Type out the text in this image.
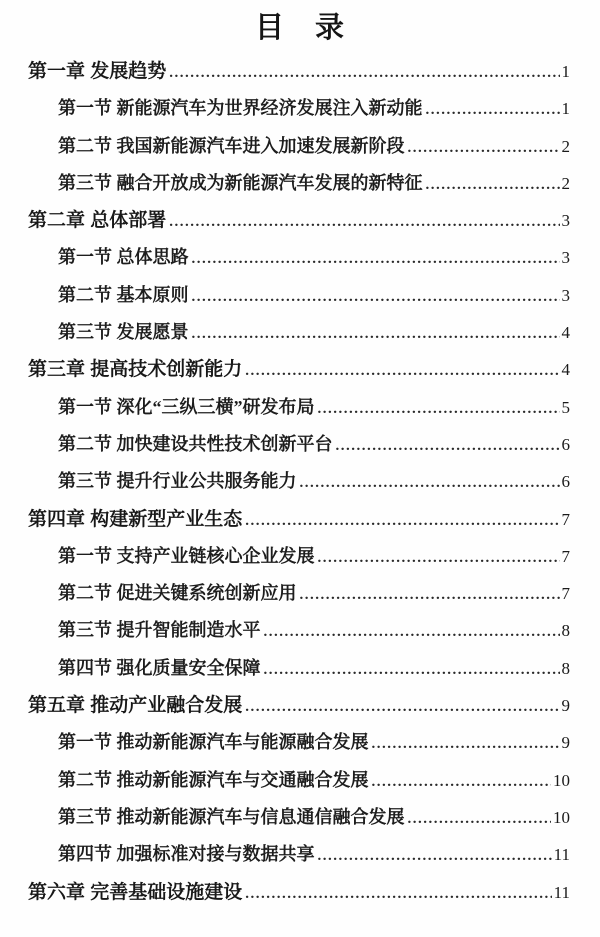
目　录
第一章 发展趋势 .....	1
第一节 新能源汽车为世界经济发展注入新动能 .....	1
第二节 我国新能源汽车进入加速发展新阶段 .....	2
第三节 融合开放成为新能源汽车发展的新特征 .....	2
第二章 总体部署 .....	3
第一节 总体思路 .....	3
第二节 基本原则 .....	3
第三节 发展愿景 .....	4
第三章 提高技术创新能力 .....	4
第一节 深化“三纵三横”研发布局 .....	5
第二节 加快建设共性技术创新平台 .....	6
第三节 提升行业公共服务能力 .....	6
第四章 构建新型产业生态 .....	7
第一节 支持产业链核心企业发展 .....	7
第二节 促进关键系统创新应用 .....	7
第三节 提升智能制造水平 .....	8
第四节 强化质量安全保障 .....	8
第五章 推动产业融合发展 .....	9
第一节 推动新能源汽车与能源融合发展 .....	9
第二节 推动新能源汽车与交通融合发展 .....	10
第三节 推动新能源汽车与信息通信融合发展 .....	10
第四节 加强标准对接与数据共享 .....	11
第六章 完善基础设施建设 .....	11
